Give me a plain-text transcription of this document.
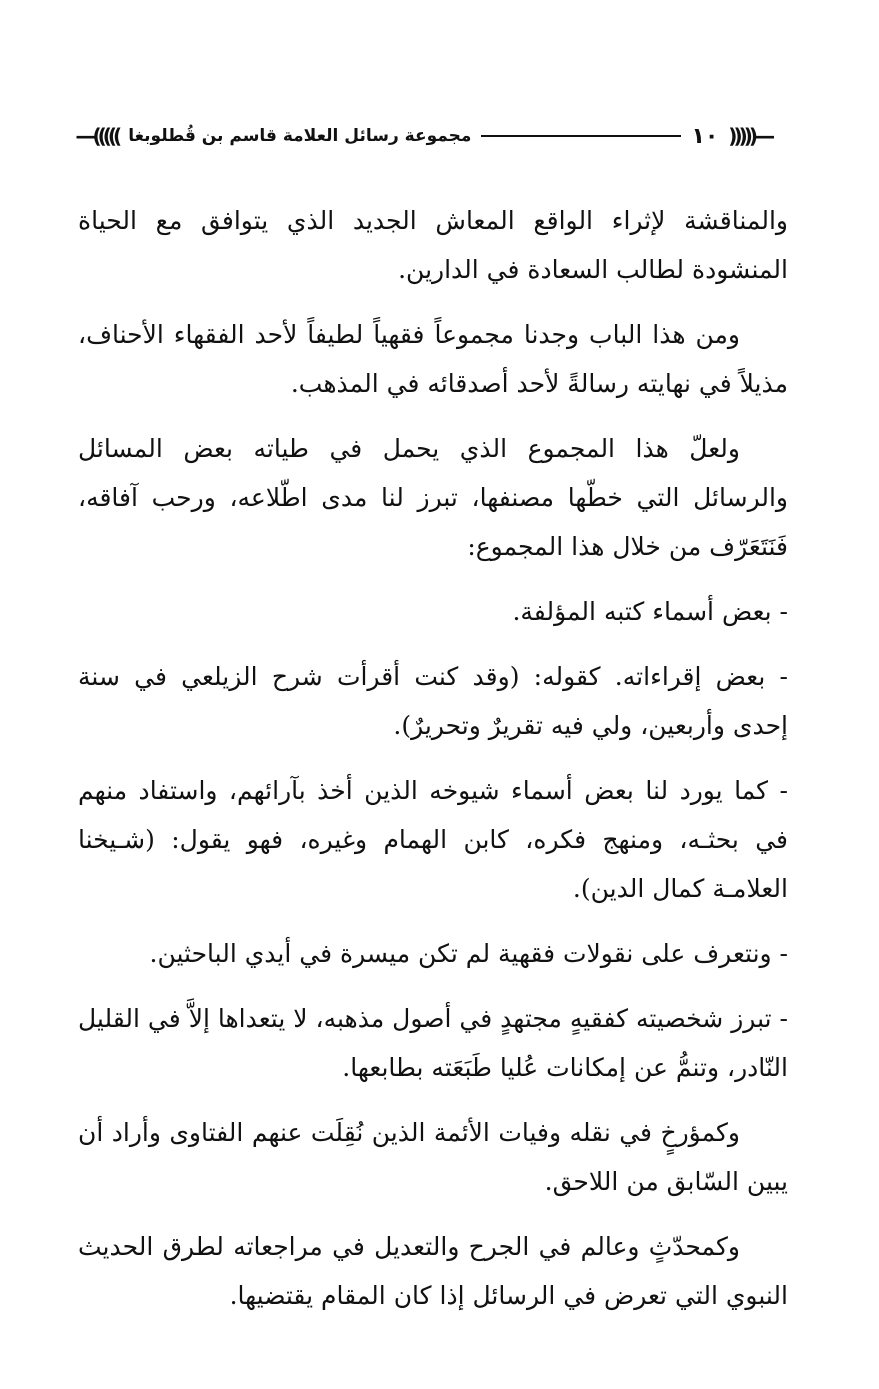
―(((((
١٠
مجموعة رسائل العلامة قاسم بن قُطلوبغا
)))))―

والمناقشة لإثراء الواقع المعاش الجديد الذي يتوافق مع الحياة المنشودة لطالب السعادة في الدارين.

ومن هذا الباب وجدنا مجموعاً فقهياً لطيفاً لأحد الفقهاء الأحناف، مذيلاً في نهايته رسالةً لأحد أصدقائه في المذهب.

ولعلّ هذا المجموع الذي يحمل في طياته بعض المسائل والرسائل التي خطّها مصنفها، تبرز لنا مدى اطّلاعه، ورحب آفاقه، فَنَتَعَرّف من خلال هذا المجموع:

- بعض أسماء كتبه المؤلفة.

- بعض إقراءاته. كقوله: (وقد كنت أقرأت شرح الزيلعي في سنة إحدى وأربعين، ولي فيه تقريرٌ وتحريرٌ).

- كما يورد لنا بعض أسماء شيوخه الذين أخذ بآرائهم، واستفاد منهم في بحثـه، ومنهج فكره، كابن الهمام وغيره، فهو يقول: (شـيخنا العلامـة كمال الدين).

- ونتعرف على نقولات فقهية لم تكن ميسرة في أيدي الباحثين.

- تبرز شخصيته كفقيهٍ مجتهدٍ في أصول مذهبه، لا يتعداها إلاَّ في القليل النّادر، وتنمُّ عن إمكانات عُليا طَبَعَته بطابعها.

وكمؤرخٍ في نقله وفيات الأئمة الذين نُقِلَت عنهم الفتاوى وأراد أن يبين السّابق من اللاحق.

وكمحدّثٍ وعالم في الجرح والتعديل في مراجعاته لطرق الحديث النبوي التي تعرض في الرسائل إذا كان المقام يقتضيها.
